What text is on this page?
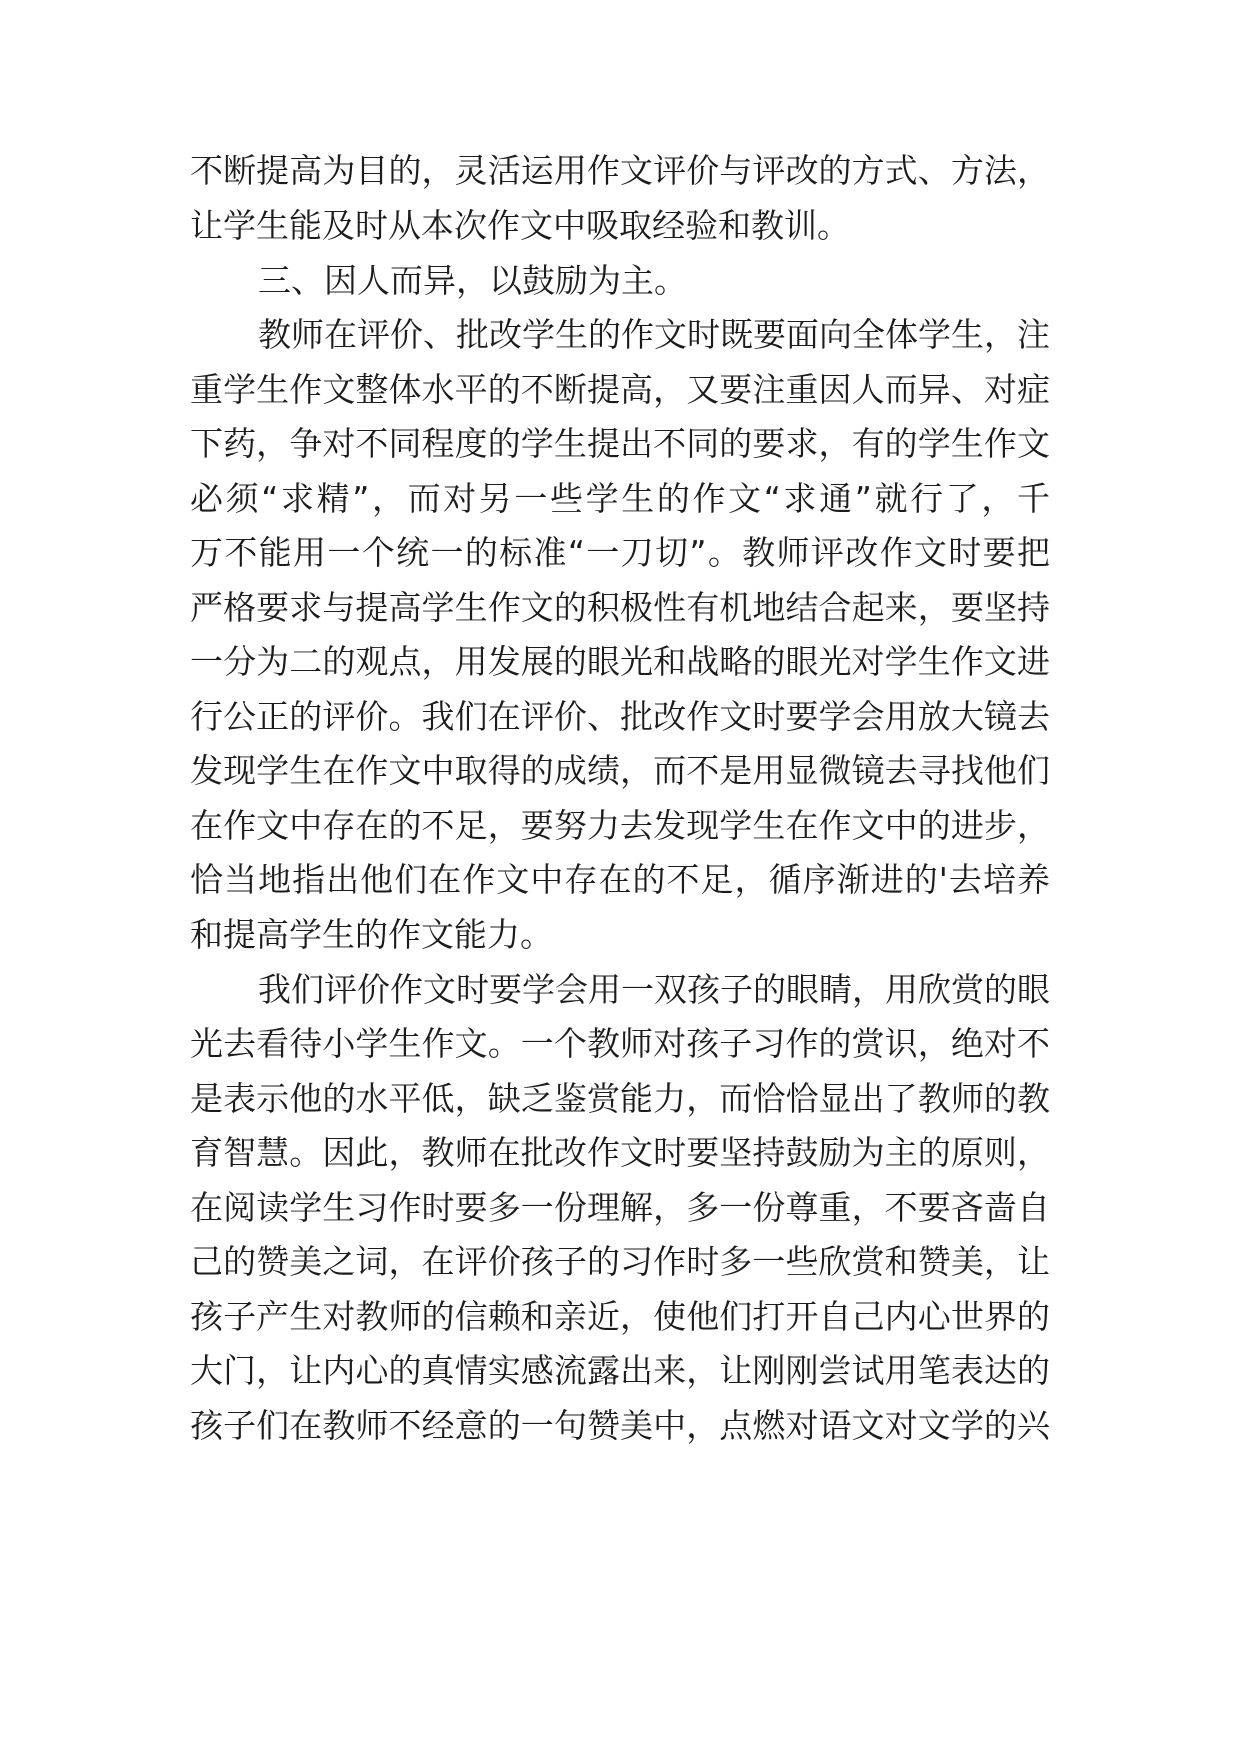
不断提高为目的，灵活运用作文评价与评改的方式、方法，
让学生能及时从本次作文中吸取经验和教训。
三、因人而异，以鼓励为主。
教师在评价、批改学生的作文时既要面向全体学生，注
重学生作文整体水平的不断提高，又要注重因人而异、对症
下药，争对不同程度的学生提出不同的要求，有的学生作文
必须“求精”，而对另一些学生的作文“求通”就行了，千
万不能用一个统一的标准“一刀切”。教师评改作文时要把
严格要求与提高学生作文的积极性有机地结合起来，要坚持
一分为二的观点，用发展的眼光和战略的眼光对学生作文进
行公正的评价。我们在评价、批改作文时要学会用放大镜去
发现学生在作文中取得的成绩，而不是用显微镜去寻找他们
在作文中存在的不足，要努力去发现学生在作文中的进步，
恰当地指出他们在作文中存在的不足，循序渐进的'去培养
和提高学生的作文能力。
我们评价作文时要学会用一双孩子的眼睛，用欣赏的眼
光去看待小学生作文。一个教师对孩子习作的赏识，绝对不
是表示他的水平低，缺乏鉴赏能力，而恰恰显出了教师的教
育智慧。因此，教师在批改作文时要坚持鼓励为主的原则，
在阅读学生习作时要多一份理解，多一份尊重，不要吝啬自
己的赞美之词，在评价孩子的习作时多一些欣赏和赞美，让
孩子产生对教师的信赖和亲近，使他们打开自己内心世界的
大门，让内心的真情实感流露出来，让刚刚尝试用笔表达的
孩子们在教师不经意的一句赞美中，点燃对语文对文学的兴
